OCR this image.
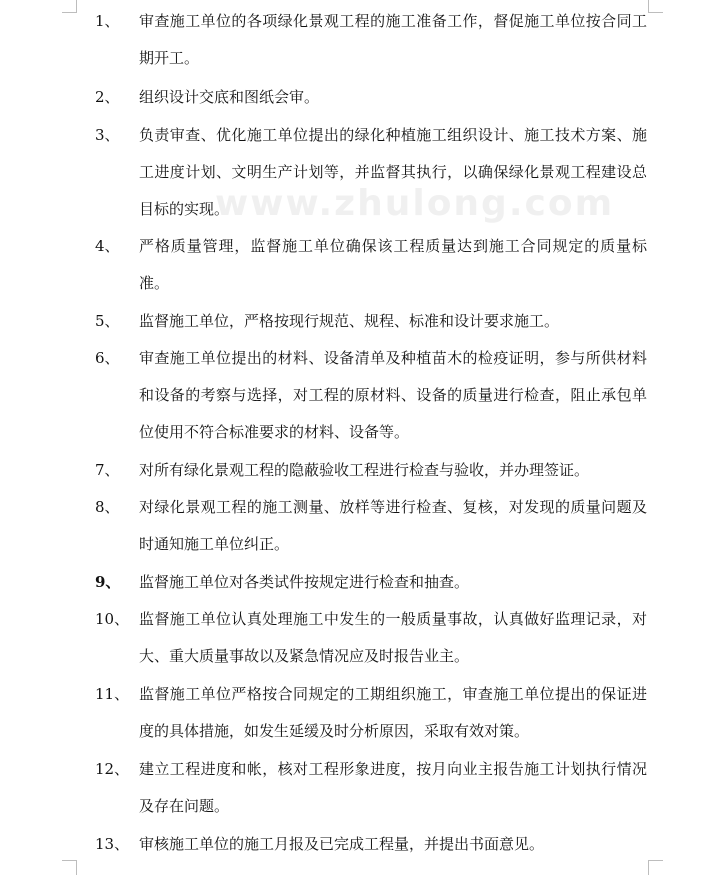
www.zhulong.com
1、 审查施工单位的各项绿化景观工程的施工准备工作，督促施工单位按合同工期开工。

2、 组织设计交底和图纸会审。

3、 负责审查、优化施工单位提出的绿化种植施工组织设计、施工技术方案、施工进度计划、文明生产计划等，并监督其执行，以确保绿化景观工程建设总目标的实现。

4、 严格质量管理，监督施工单位确保该工程质量达到施工合同规定的质量标准。

5、 监督施工单位，严格按现行规范、规程、标准和设计要求施工。

6、 审查施工单位提出的材料、设备清单及种植苗木的检疫证明，参与所供材料和设备的考察与选择，对工程的原材料、设备的质量进行检查，阻止承包单位使用不符合标准要求的材料、设备等。

7、 对所有绿化景观工程的隐蔽验收工程进行检查与验收，并办理签证。

8、 对绿化景观工程的施工测量、放样等进行检查、复核，对发现的质量问题及时通知施工单位纠正。

9、 监督施工单位对各类试件按规定进行检查和抽查。

10、 监督施工单位认真处理施工中发生的一般质量事故，认真做好监理记录，对大、重大质量事故以及紧急情况应及时报告业主。

11、 监督施工单位严格按合同规定的工期组织施工，审查施工单位提出的保证进度的具体措施，如发生延缓及时分析原因，采取有效对策。

12、 建立工程进度和帐，核对工程形象进度，按月向业主报告施工计划执行情况及存在问题。

13、 审核施工单位的施工月报及已完成工程量，并提出书面意见。
